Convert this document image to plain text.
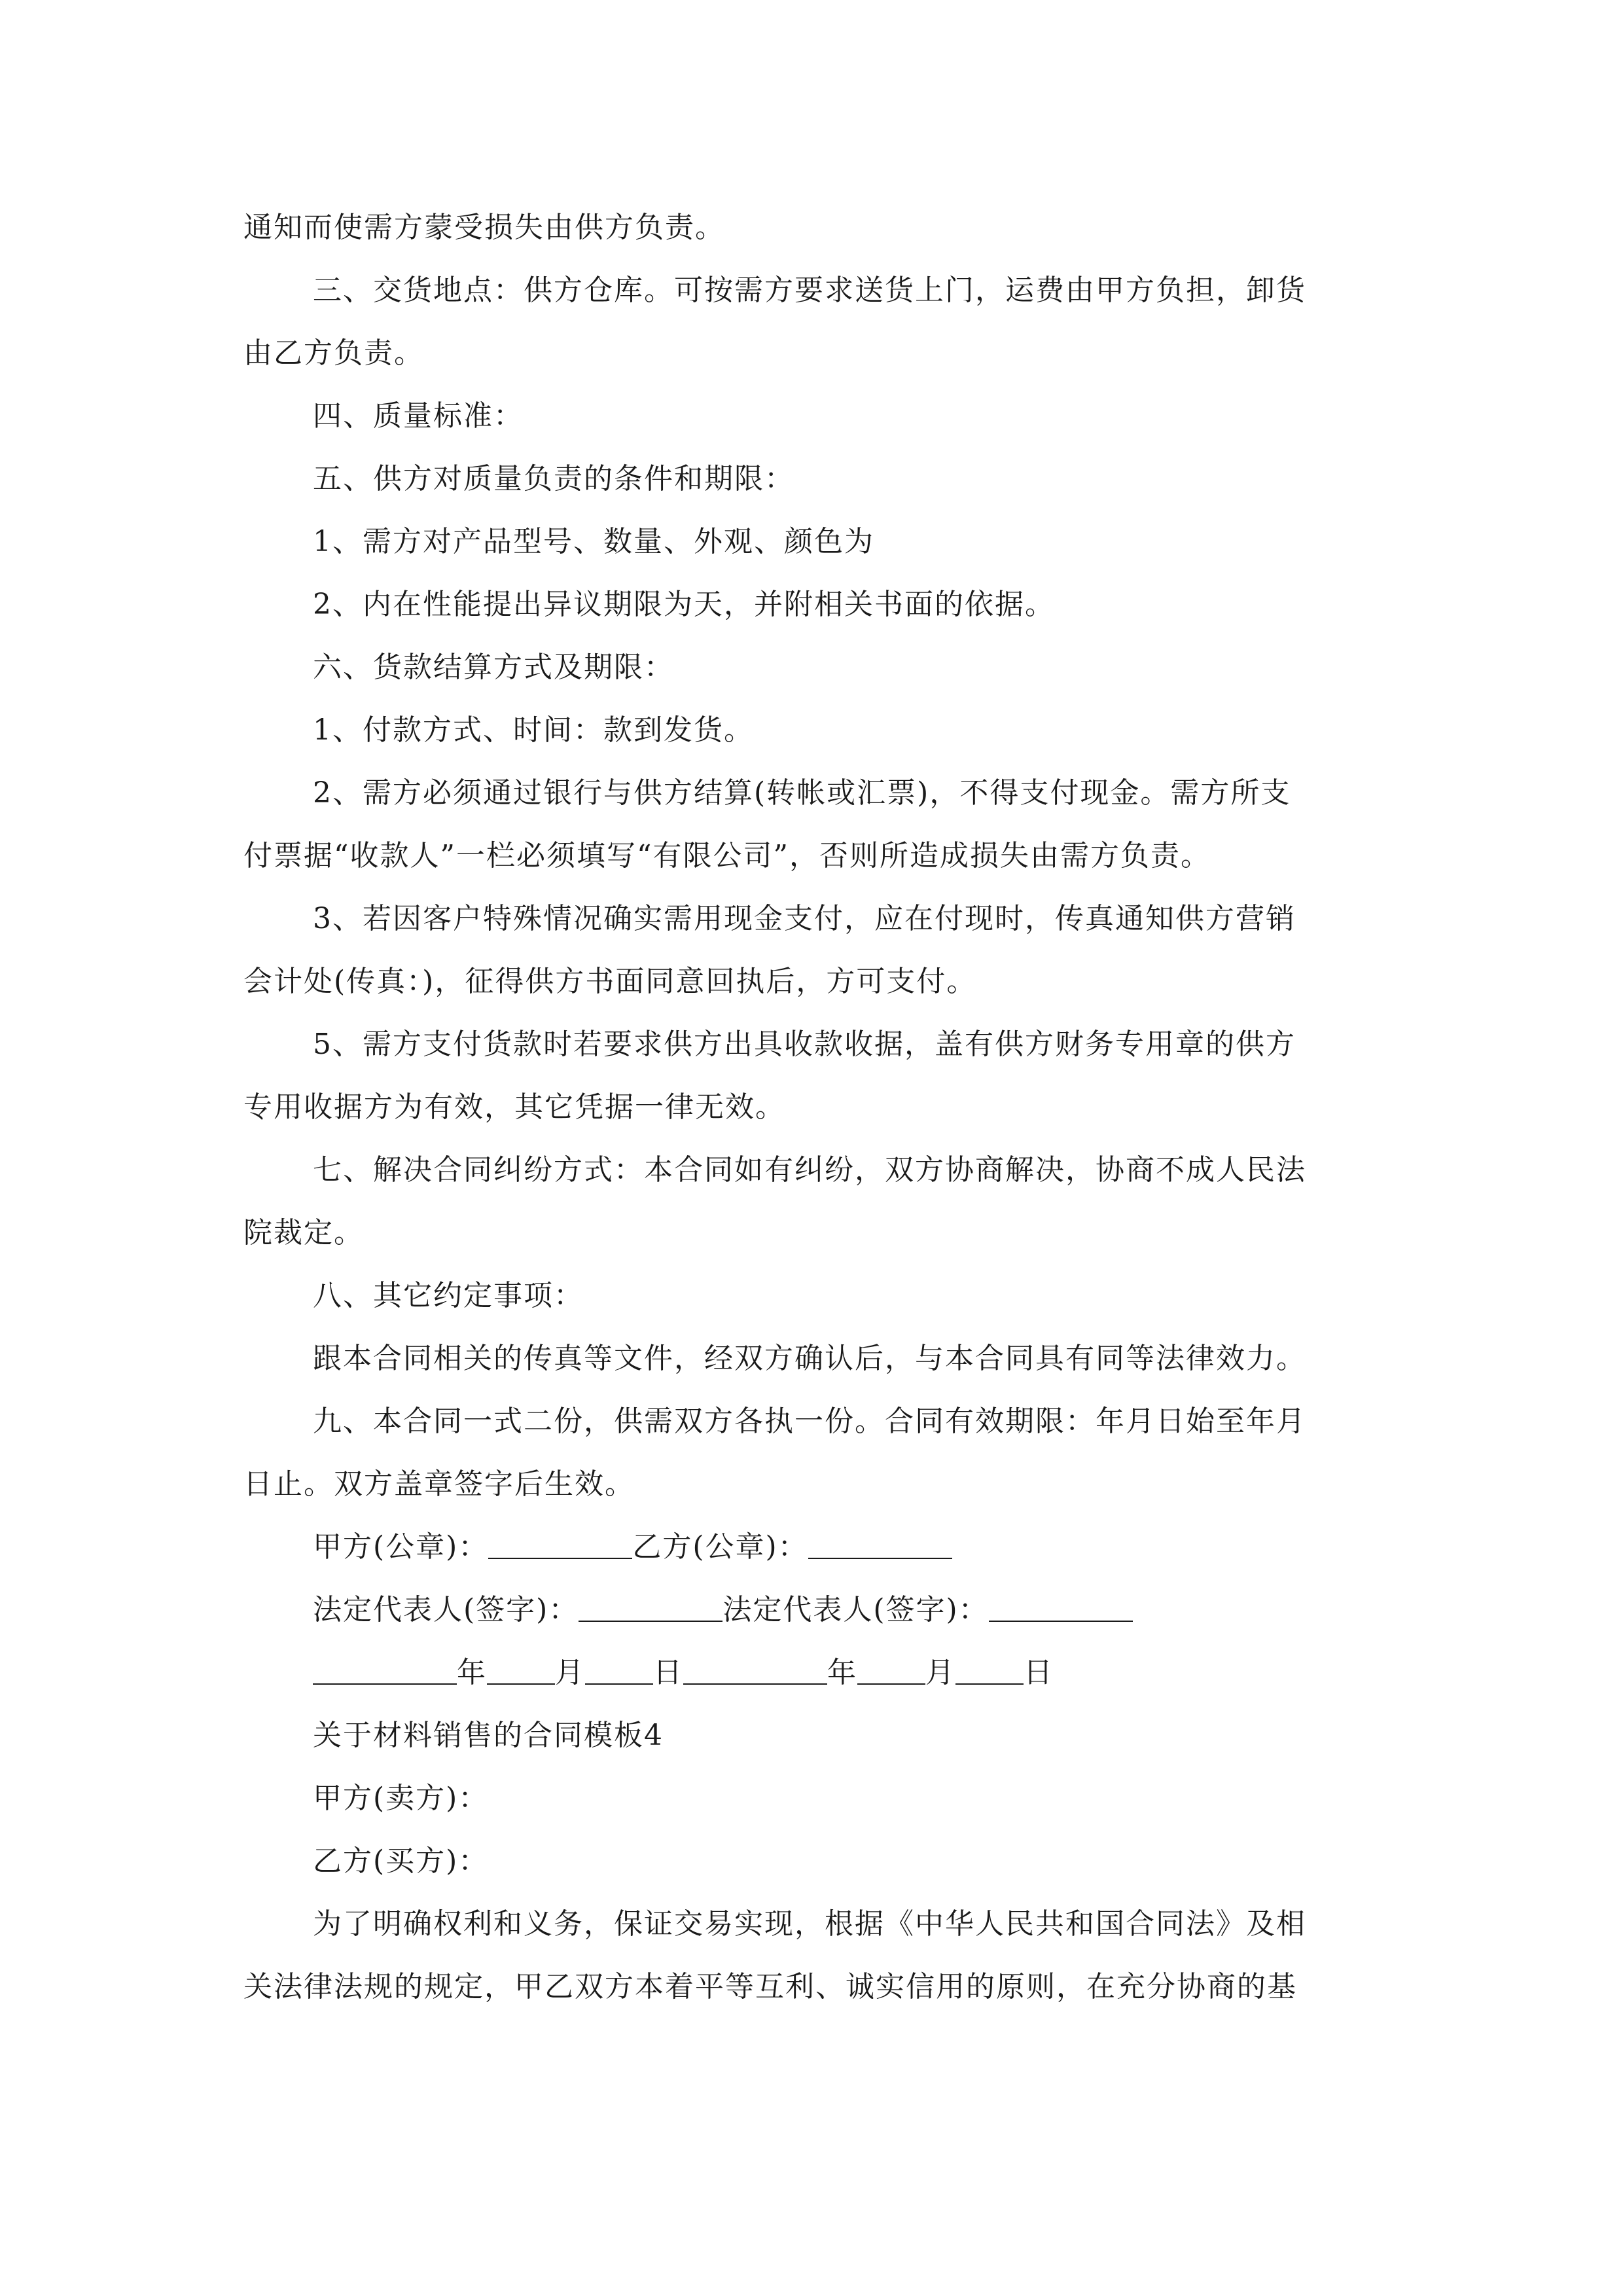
通知而使需方蒙受损失由供方负责。
三、交货地点：供方仓库。可按需方要求送货上门，运费由甲方负担，卸货
由乙方负责。
四、质量标准：
五、供方对质量负责的条件和期限：
1、需方对产品型号、数量、外观、颜色为
2、内在性能提出异议期限为天，并附相关书面的依据。
六、货款结算方式及期限：
1、付款方式、时间：款到发货。
2、需方必须通过银行与供方结算(转帐或汇票)，不得支付现金。需方所支
付票据“收款人”一栏必须填写“有限公司”，否则所造成损失由需方负责。
3、若因客户特殊情况确实需用现金支付，应在付现时，传真通知供方营销
会计处(传真：)，征得供方书面同意回执后，方可支付。
5、需方支付货款时若要求供方出具收款收据，盖有供方财务专用章的供方
专用收据方为有效，其它凭据一律无效。
七、解决合同纠纷方式：本合同如有纠纷，双方协商解决，协商不成人民法
院裁定。
八、其它约定事项：
跟本合同相关的传真等文件，经双方确认后，与本合同具有同等法律效力。
九、本合同一式二份，供需双方各执一份。合同有效期限：年月日始至年月
日止。双方盖章签字后生效。
甲方(公章)：	乙方(公章)：
法定代表人(签字)：	法定代表人(签字)：
年 月 日	年 月 日
关于材料销售的合同模板4
甲方(卖方)：
乙方(买方)：
为了明确权利和义务，保证交易实现，根据《中华人民共和国合同法》及相
关法律法规的规定，甲乙双方本着平等互利、诚实信用的原则，在充分协商的基
